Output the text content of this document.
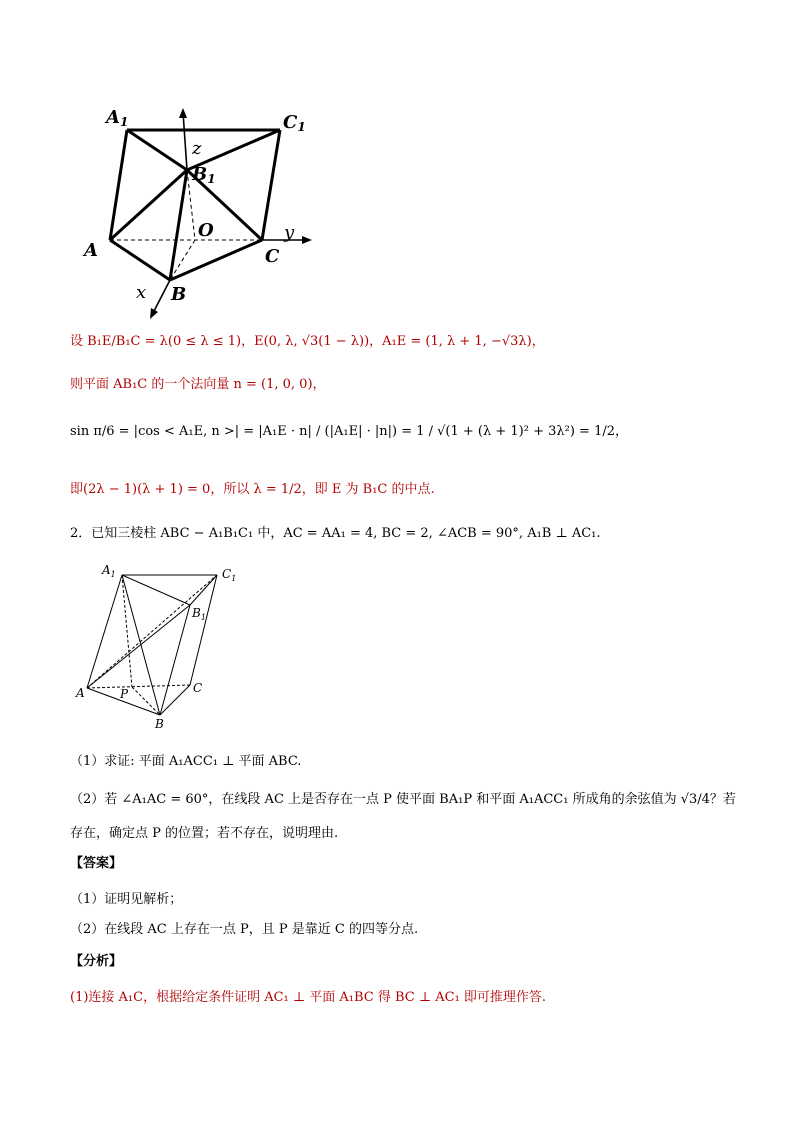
A1	C1
z
B1
O	y
A	C
x B
设 B₁E/B₁C = λ(0 ≤ λ ≤ 1)，E(0, λ, √3(1 − λ))，A₁E = (1, λ + 1, −√3λ)，
则平面 AB₁C 的一个法向量 n = (1, 0, 0)，
sin π/6 = |cos < A₁E, n >| = |A₁E · n| / (|A₁E| · |n|) = 1 / √(1 + (λ + 1)² + 3λ²) = 1/2，
即(2λ − 1)(λ + 1) = 0，所以 λ = 1/2，即 E 为 B₁C 的中点.
2．已知三棱柱 ABC − A₁B₁C₁ 中，AC = AA₁ = 4, BC = 2, ∠ACB = 90°, A₁B ⊥ AC₁.
$A_1$	$C_1$
$B_1$
A	P	C
B
（1）求证: 平面 A₁ACC₁ ⊥ 平面 ABC.
（2）若 ∠A₁AC = 60°，在线段 AC 上是否存在一点 P 使平面 BA₁P 和平面 A₁ACC₁ 所成角的余弦值为 √3/4？若
存在，确定点 P 的位置；若不存在，说明理由.
【答案】
（1）证明见解析；
（2）在线段 AC 上存在一点 P，且 P 是靠近 C 的四等分点.
【分析】
(1)连接 A₁C，根据给定条件证明 AC₁ ⊥ 平面 A₁BC 得 BC ⊥ AC₁ 即可推理作答.
